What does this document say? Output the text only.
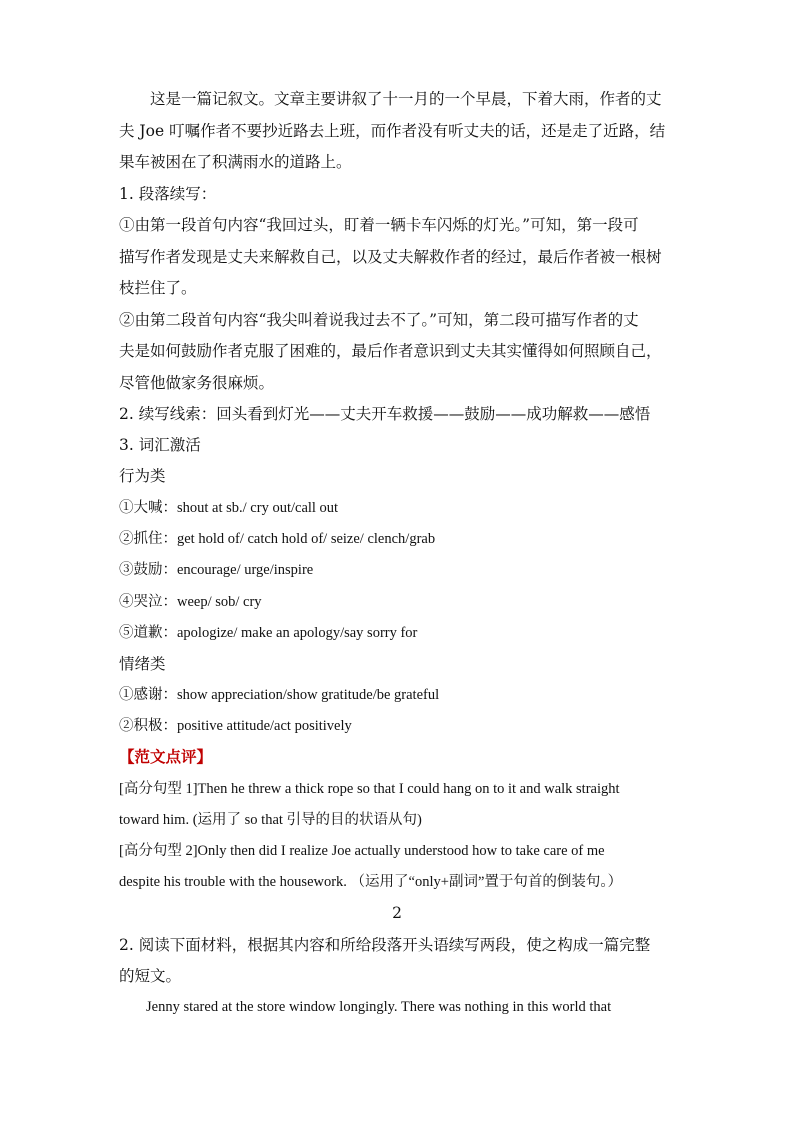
这是一篇记叙文。文章主要讲叙了十一月的一个早晨，下着大雨，作者的丈
夫 Joe 叮嘱作者不要抄近路去上班，而作者没有听丈夫的话，还是走了近路，结
果车被困在了积满雨水的道路上。
1. 段落续写：
①由第一段首句内容“我回过头，盯着一辆卡车闪烁的灯光。”可知，第一段可
描写作者发现是丈夫来解救自己，以及丈夫解救作者的经过，最后作者被一根树
枝拦住了。
②由第二段首句内容“我尖叫着说我过去不了。”可知，第二段可描写作者的丈
夫是如何鼓励作者克服了困难的，最后作者意识到丈夫其实懂得如何照顾自己，
尽管他做家务很麻烦。
2. 续写线索：回头看到灯光——丈夫开车救援——鼓励——成功解救——感悟
3. 词汇激活
行为类
①大喊：shout at sb./ cry out/call out
②抓住：get hold of/ catch hold of/ seize/ clench/grab
③鼓励：encourage/ urge/inspire
④哭泣：weep/ sob/ cry
⑤道歉：apologize/ make an apology/say sorry for
情绪类
①感谢：show appreciation/show gratitude/be grateful
②积极：positive attitude/act positively
【范文点评】
[高分句型 1]Then he threw a thick rope so that I could hang on to it and walk straight
toward him. (运用了 so that 引导的目的状语从句)
[高分句型 2]Only then did I realize Joe actually understood how to take care of me
despite his trouble with the housework. （运用了“only+副词”置于句首的倒装句。）
2
2. 阅读下面材料，根据其内容和所给段落开头语续写两段，使之构成一篇完整
的短文。
Jenny stared at the store window longingly. There was nothing in this world that
